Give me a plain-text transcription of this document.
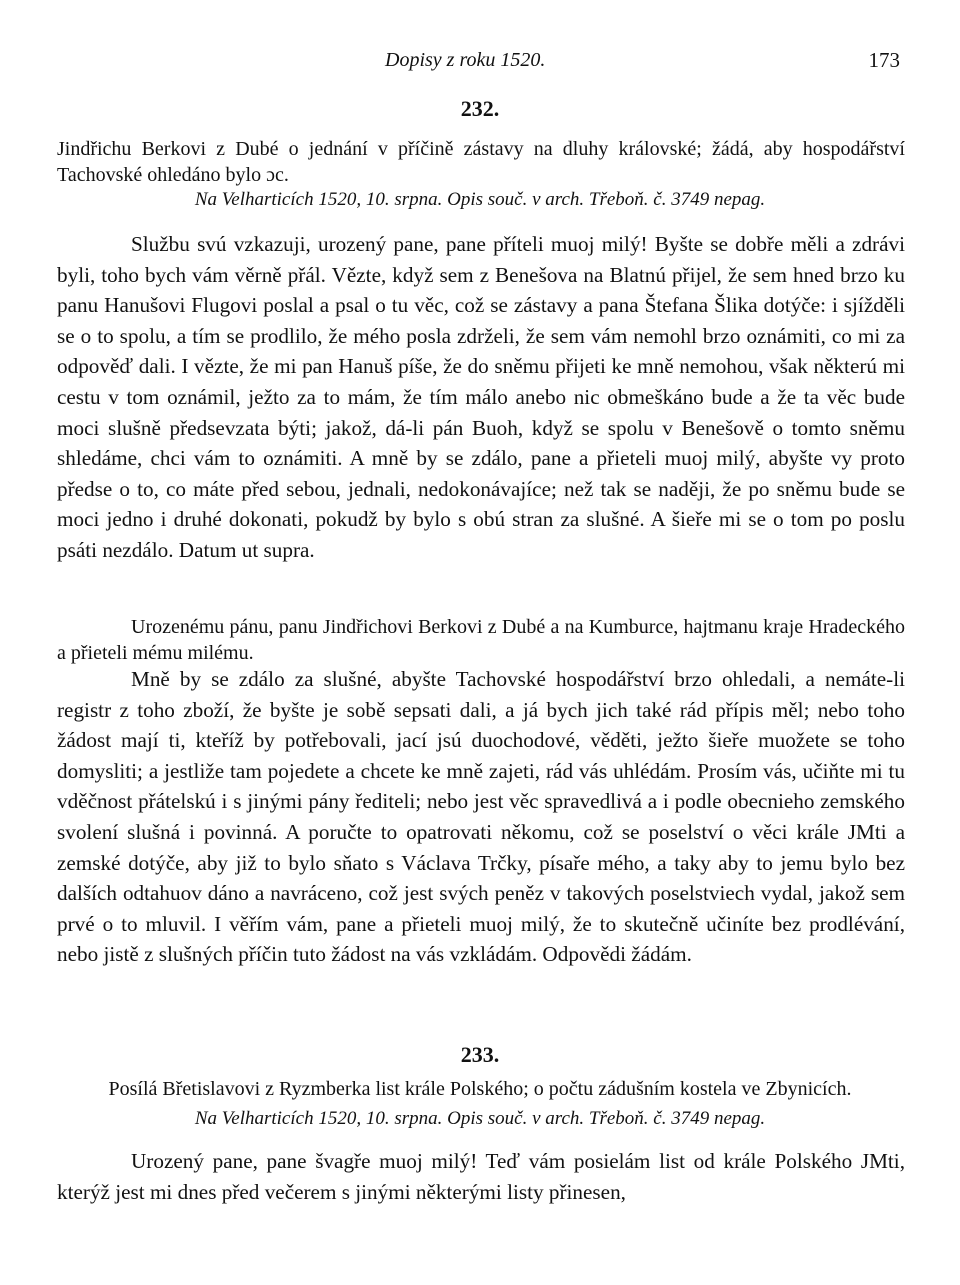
Dopisy z roku 1520.	173
232.
Jindřichu Berkovi z Dubé o jednání v příčině zástavy na dluhy královské; žádá, aby hospodářství Tachovské ohledáno bylo ɔc.
Na Velharticích 1520, 10. srpna. Opis souč. v arch. Třeboň. č. 3749 nepag.

Službu svú vzkazuji, urozený pane, pane příteli muoj milý! Byšte se dobře měli a zdrávi byli, toho bych vám věrně přál. Vězte, když sem z Benešova na Blatnú přijel, že sem hned brzo ku panu Hanušovi Flugovi poslal a psal o tu věc, což se zástavy a pana Štefana Šlika dotýče: i sjížděli se o to spolu, a tím se prodlilo, že mého posla zdrželi, že sem vám nemohl brzo oznámiti, co mi za odpověď dali. I vězte, že mi pan Hanuš píše, že do sněmu přijeti ke mně nemohou, však některú mi cestu v tom oznámil, ježto za to mám, že tím málo anebo nic obmeškáno bude a že ta věc bude moci slušně předsevzata býti; jakož, dá-li pán Buoh, když se spolu v Benešově o tomto sněmu shledáme, chci vám to oznámiti. A mně by se zdálo, pane a přieteli muoj milý, abyšte vy proto předse o to, co máte před sebou, jednali, nedokonávajíce; než tak se naději, že po sněmu bude se moci jedno i druhé dokonati, pokudž by bylo s obú stran za slušné. A šieře mi se o tom po poslu psáti nezdálo. Datum ut supra.

Urozenému pánu, panu Jindřichovi Berkovi z Dubé a na Kumburce, hajtmanu kraje Hradeckého a přieteli mému milému.

Mně by se zdálo za slušné, abyšte Tachovské hospodářství brzo ohledali, a nemáte-li registr z toho zboží, že byšte je sobě sepsati dali, a já bych jich také rád přípis měl; nebo toho žádost mají ti, kteříž by potřebovali, jací jsú duochodové, věděti, ježto šieře muožete se toho domysliti; a jestliže tam pojedete a chcete ke mně zajeti, rád vás uhlédám. Prosím vás, učiňte mi tu vděčnost přátelskú i s jinými pány řediteli; nebo jest věc spravedlivá a i podle obecnieho zemského svolení slušná i povinná. A poručte to opatrovati někomu, což se poselství o věci krále JMti a zemské dotýče, aby již to bylo sňato s Václava Trčky, písaře mého, a taky aby to jemu bylo bez dalších odtahuov dáno a navráceno, což jest svých peněz v takových poselstviech vydal, jakož sem prvé o to mluvil. I věřím vám, pane a přieteli muoj milý, že to skutečně učiníte bez prodlévání, nebo jistě z slušných příčin tuto žádost na vás vzkládám. Odpovědi žádám.

233.
Posílá Břetislavovi z Ryzmberka list krále Polského; o počtu zádušním kostela ve Zbynicích.
Na Velharticích 1520, 10. srpna. Opis souč. v arch. Třeboň. č. 3749 nepag.

Urozený pane, pane švagře muoj milý! Teď vám posielám list od krále Polského JMti, kterýž jest mi dnes před večerem s jinými některými listy přinesen,
